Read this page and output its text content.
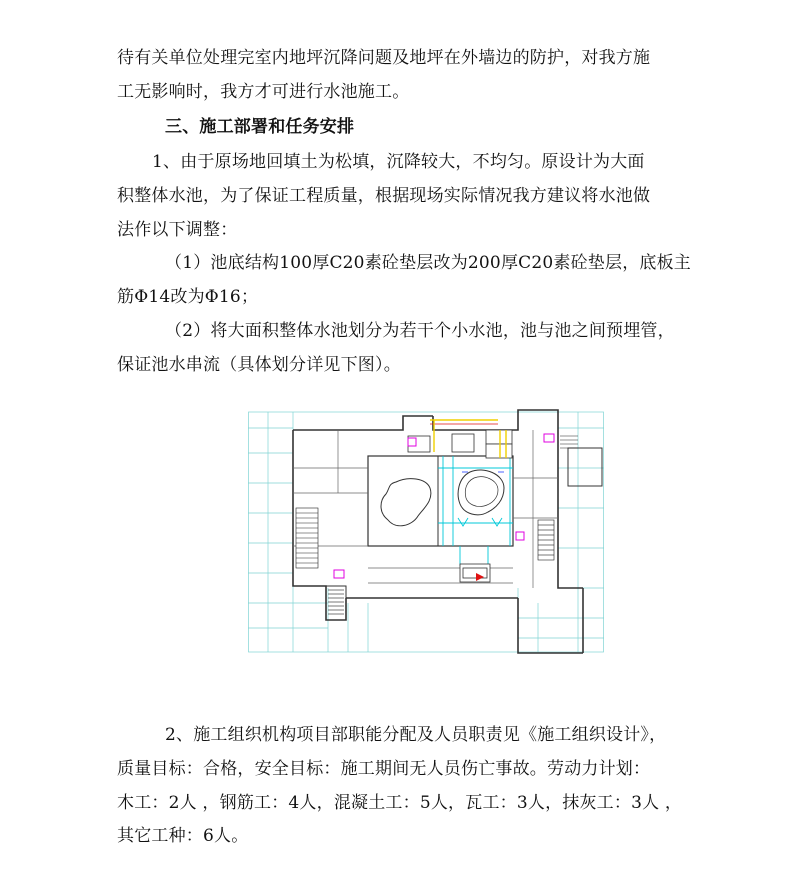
待有关单位处理完室内地坪沉降问题及地坪在外墙边的防护，对我方施
工无影响时，我方才可进行水池施工。
三、施工部署和任务安排
1、由于原场地回填土为松填，沉降较大，不均匀。原设计为大面
积整体水池，为了保证工程质量，根据现场实际情况我方建议将水池做
法作以下调整：
（1）池底结构100厚C20素砼垫层改为200厚C20素砼垫层，底板主
筋Φ14改为Φ16；
（2）将大面积整体水池划分为若干个小水池，池与池之间预埋管，
保证池水串流（具体划分详见下图）。
2、施工组织机构项目部职能分配及人员职责见《施工组织设计》，
质量目标：合格，安全目标：施工期间无人员伤亡事故。劳动力计划：
木工：2人 ，钢筋工：4人，混凝土工：5人，瓦工：3人，抹灰工：3人 ，
其它工种：6人。
